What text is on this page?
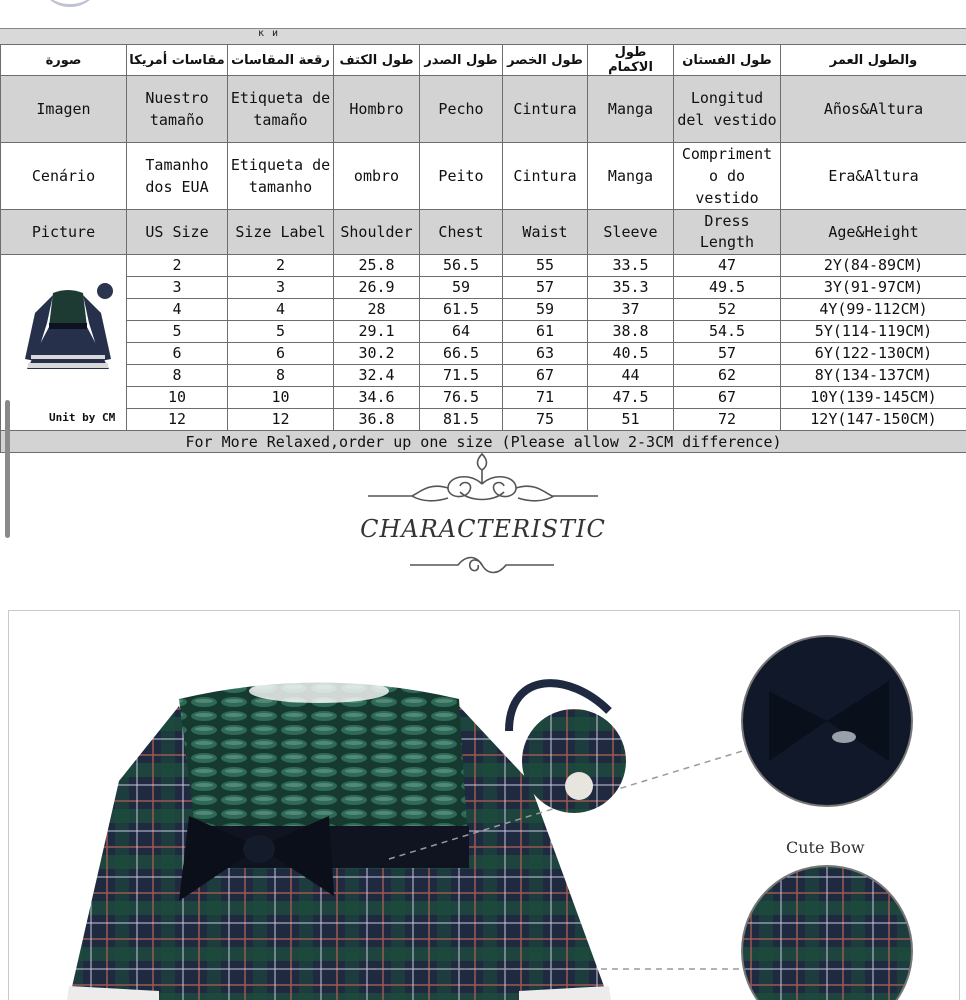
к и
صورة	مقاسات أمريكا	رقعة المقاسات	طول الكتف	طول الصدر	طول الخصر	طول الاكمام	طول الفستان	والطول العمر
Imagen	Nuestro tamaño	Etiqueta de tamaño	Hombro	Pecho	Cintura	Manga	Longitud del vestido	Años&Altura
Cenário	Tamanho dos EUA	Etiqueta de tamanho	ombro	Peito	Cintura	Manga	Compriment o do vestido	Era&Altura
Picture	US Size	Size Label	Shoulder	Chest	Waist	Sleeve	Dress Length	Age&Height

Unit by CM	2	2	25.8	56.5	55	33.5	47	2Y(84-89CM)
	3	3	26.9	59	57	35.3	49.5	3Y(91-97CM)
	4	4	28	61.5	59	37	52	4Y(99-112CM)
	5	5	29.1	64	61	38.8	54.5	5Y(114-119CM)
	6	6	30.2	66.5	63	40.5	57	6Y(122-130CM)
	8	8	32.4	71.5	67	44	62	8Y(134-137CM)
	10	10	34.6	76.5	71	47.5	67	10Y(139-145CM)
	12	12	36.8	81.5	75	51	72	12Y(147-150CM)
For More Relaxed,order up one size (Please allow 2-3CM difference)								
CHARACTERISTIC
Cute Bow
